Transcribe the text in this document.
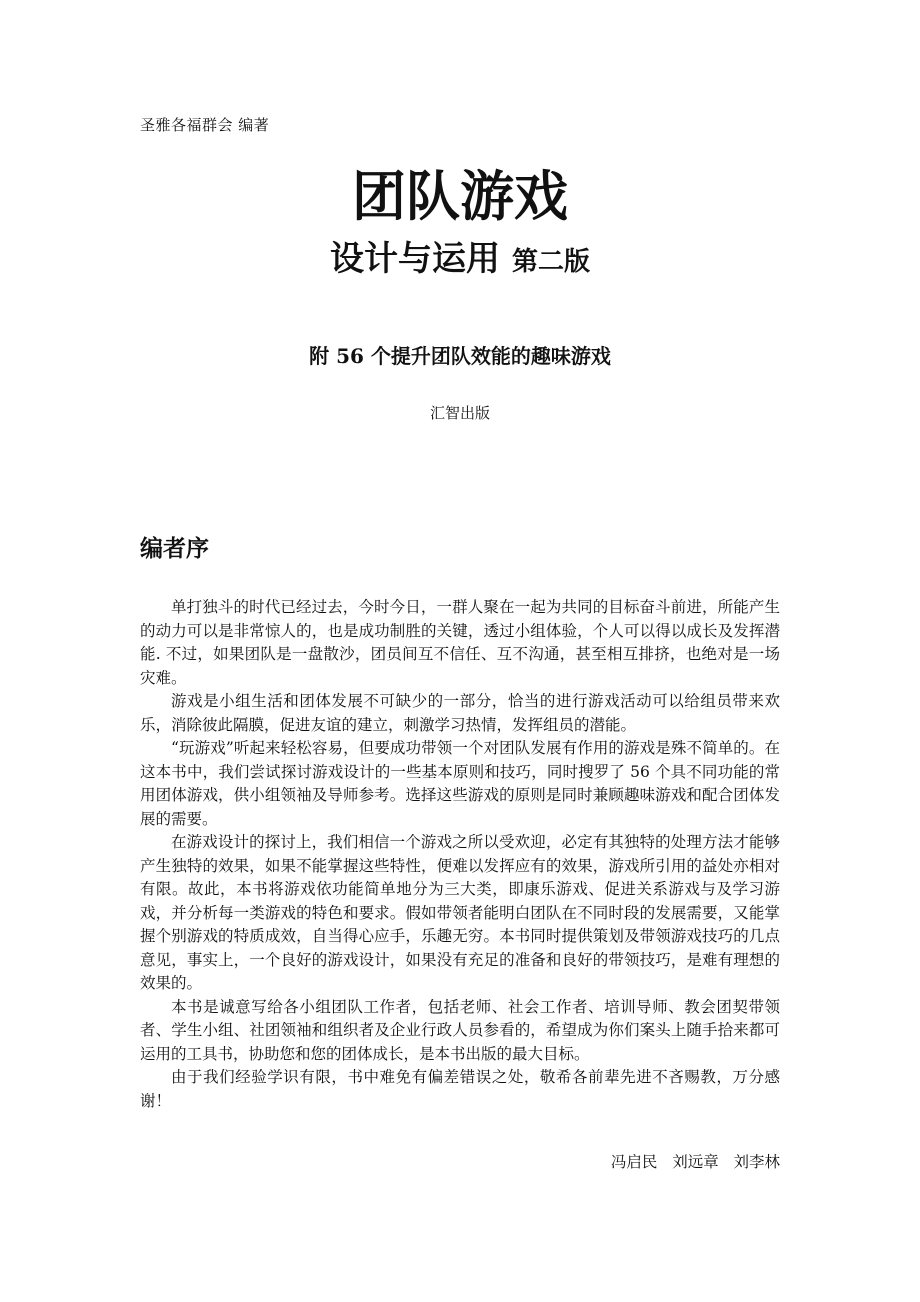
圣雅各福群会 编著
团队游戏
设计与运用 第二版
附 56 个提升团队效能的趣味游戏
汇智出版
编者序

单打独斗的时代已经过去，今时今日，一群人聚在一起为共同的目标奋斗前进，所能产生的动力可以是非常惊人的，也是成功制胜的关键，透过小组体验，个人可以得以成长及发挥潜能. 不过，如果团队是一盘散沙，团员间互不信任、互不沟通，甚至相互排挤，也绝对是一场灾难。

游戏是小组生活和团体发展不可缺少的一部分，恰当的进行游戏活动可以给组员带来欢乐，消除彼此隔膜，促进友谊的建立，刺激学习热情，发挥组员的潜能。

“玩游戏”听起来轻松容易，但要成功带领一个对团队发展有作用的游戏是殊不简单的。在这本书中，我们尝试探讨游戏设计的一些基本原则和技巧，同时搜罗了 56 个具不同功能的常用团体游戏，供小组领袖及导师参考。选择这些游戏的原则是同时兼顾趣味游戏和配合团体发展的需要。

在游戏设计的探讨上，我们相信一个游戏之所以受欢迎，必定有其独特的处理方法才能够产生独特的效果，如果不能掌握这些特性，便难以发挥应有的效果，游戏所引用的益处亦相对有限。故此，本书将游戏依功能简单地分为三大类，即康乐游戏、促进关系游戏与及学习游戏，并分析每一类游戏的特色和要求。假如带领者能明白团队在不同时段的发展需要，又能掌握个别游戏的特质成效，自当得心应手，乐趣无穷。本书同时提供策划及带领游戏技巧的几点意见，事实上，一个良好的游戏设计，如果没有充足的准备和良好的带领技巧，是难有理想的效果的。

本书是诚意写给各小组团队工作者，包括老师、社会工作者、培训导师、教会团契带领者、学生小组、社团领袖和组织者及企业行政人员参看的，希望成为你们案头上随手拾来都可运用的工具书，协助您和您的团体成长，是本书出版的最大目标。

由于我们经验学识有限，书中难免有偏差错误之处，敬希各前辈先进不吝赐教，万分感谢！

冯启民 刘远章 刘李林
